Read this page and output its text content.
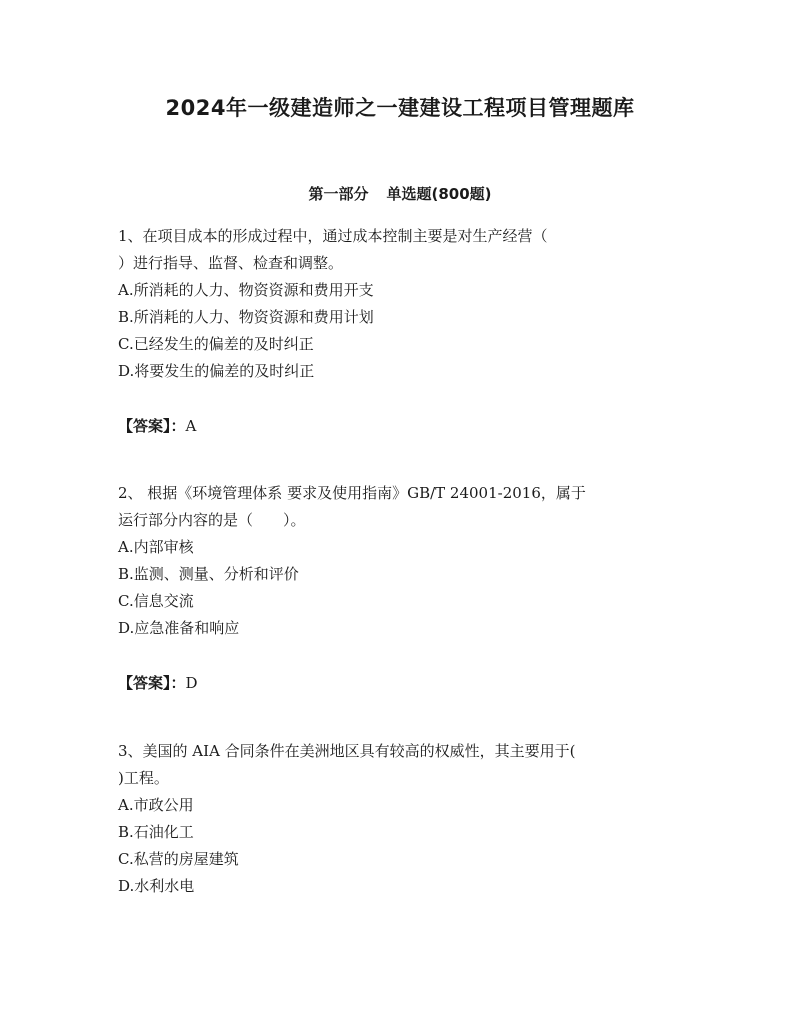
2024年一级建造师之一建建设工程项目管理题库
第一部分 单选题(800题)
1、在项目成本的形成过程中，通过成本控制主要是对生产经营（
）进行指导、监督、检查和调整。
A.所消耗的人力、物资资源和费用开支
B.所消耗的人力、物资资源和费用计划
C.已经发生的偏差的及时纠正
D.将要发生的偏差的及时纠正
【答案】：A
2、 根据《环境管理体系 要求及使用指南》GB/T 24001-2016，属于
运行部分内容的是（　　）。
A.内部审核
B.监测、测量、分析和评价
C.信息交流
D.应急准备和响应
【答案】：D
3、美国的 AIA 合同条件在美洲地区具有较高的权威性，其主要用于(
)工程。
A.市政公用
B.石油化工
C.私营的房屋建筑
D.水利水电
